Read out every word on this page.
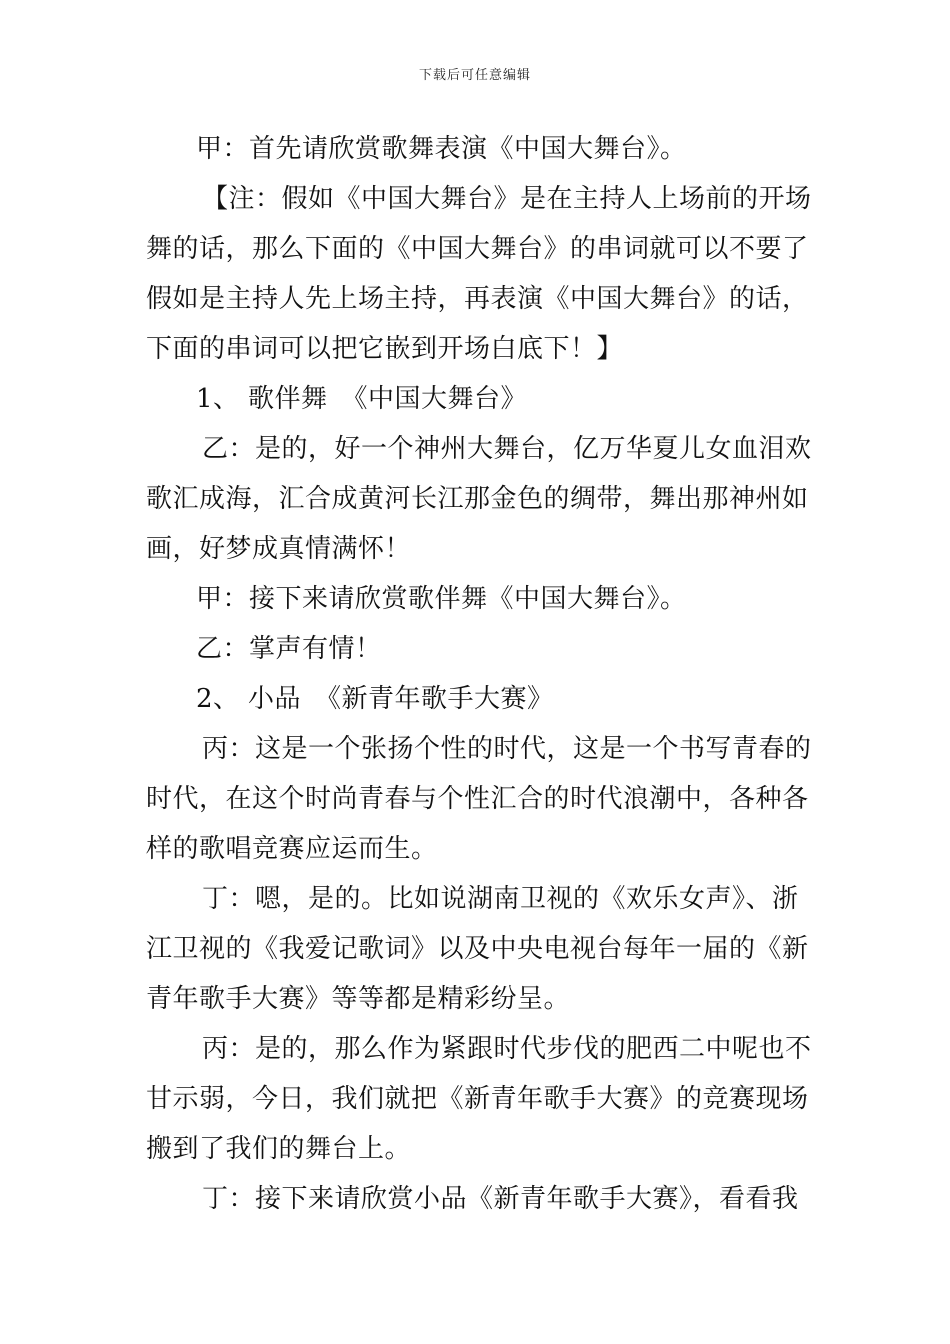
下载后可任意编辑
甲：首先请欣赏歌舞表演《中国大舞台》。
【注：假如《中国大舞台》是在主持人上场前的开场
舞的话，那么下面的《中国大舞台》的串词就可以不要了
假如是主持人先上场主持，再表演《中国大舞台》的话，
下面的串词可以把它嵌到开场白底下！】
1、 歌伴舞 《中国大舞台》
乙：是的，好一个神州大舞台，亿万华夏儿女血泪欢
歌汇成海，汇合成黄河长江那金色的绸带，舞出那神州如
画，好梦成真情满怀！
甲：接下来请欣赏歌伴舞《中国大舞台》。
乙：掌声有情！
2、 小品 《新青年歌手大赛》
丙：这是一个张扬个性的时代，这是一个书写青春的
时代，在这个时尚青春与个性汇合的时代浪潮中，各种各
样的歌唱竞赛应运而生。
丁：嗯，是的。比如说湖南卫视的《欢乐女声》、浙
江卫视的《我爱记歌词》以及中央电视台每年一届的《新
青年歌手大赛》等等都是精彩纷呈。
丙：是的，那么作为紧跟时代步伐的肥西二中呢也不
甘示弱，今日，我们就把《新青年歌手大赛》的竞赛现场
搬到了我们的舞台上。
丁：接下来请欣赏小品《新青年歌手大赛》，看看我
